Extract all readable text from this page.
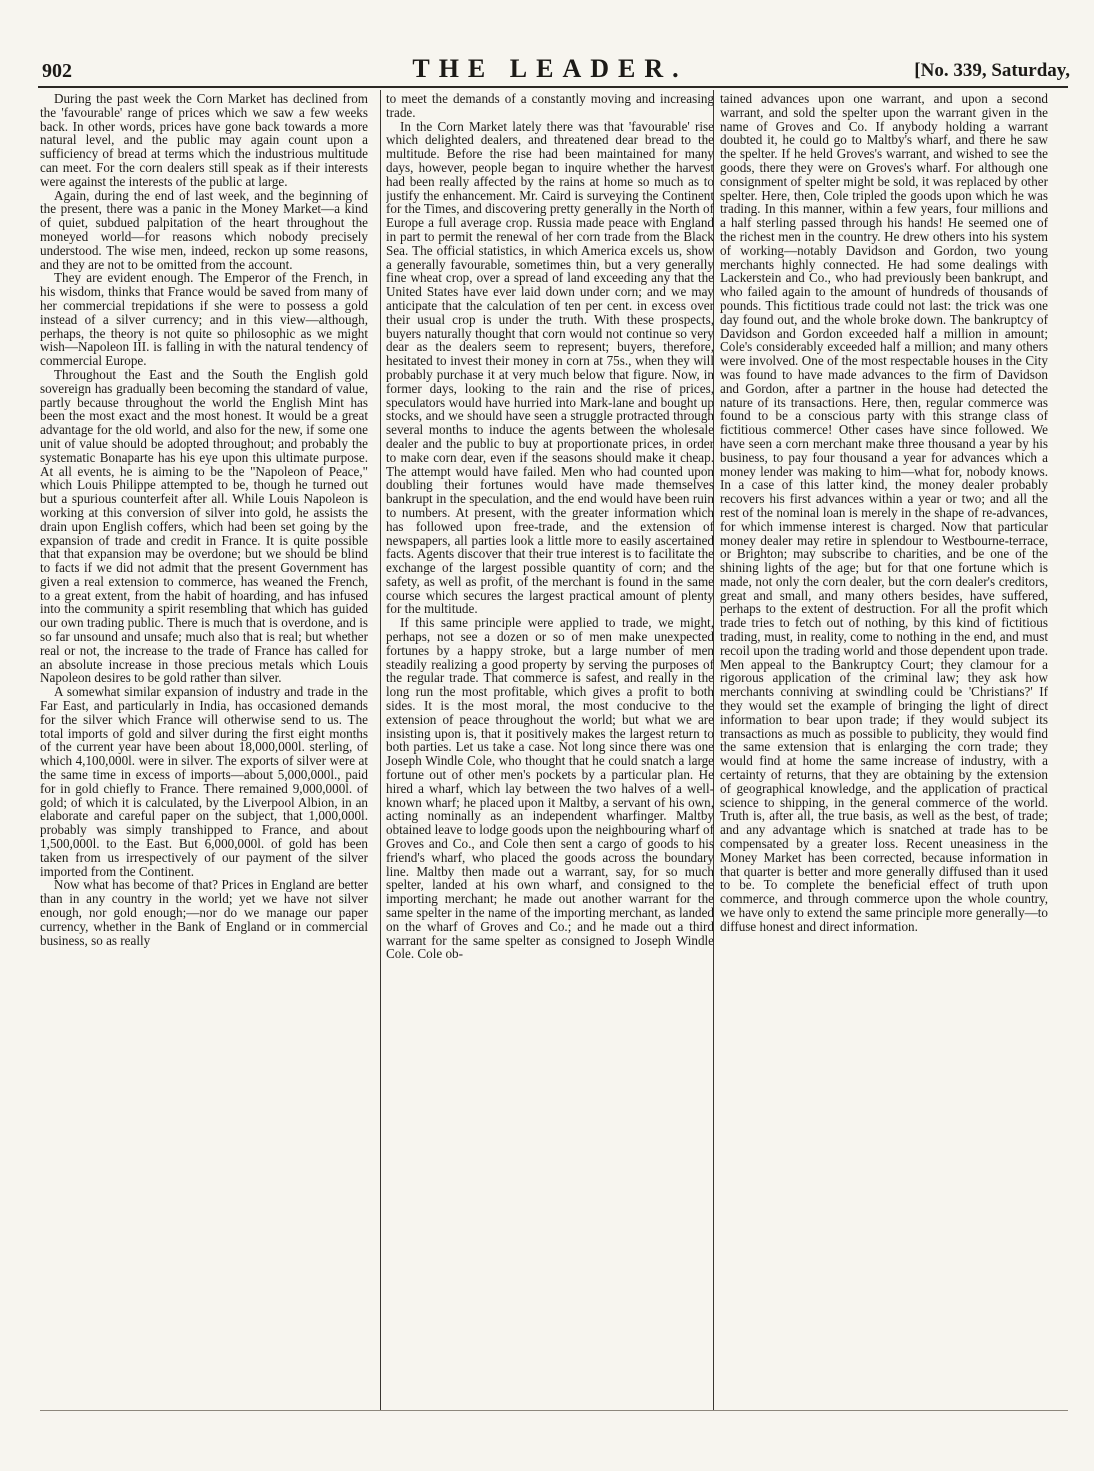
902	THE LEADER.	[No. 339, Saturday,

During the past week the Corn Market has declined from the 'favourable' range of prices which we saw a few weeks back. In other words, prices have gone back towards a more natural level, and the public may again count upon a sufficiency of bread at terms which the industrious multitude can meet. For the corn dealers still speak as if their interests were against the interests of the public at large.

Again, during the end of last week, and the beginning of the present, there was a panic in the Money Market—a kind of quiet, subdued palpitation of the heart throughout the moneyed world—for reasons which nobody precisely understood. The wise men, indeed, reckon up some reasons, and they are not to be omitted from the account.

They are evident enough. The Emperor of the French, in his wisdom, thinks that France would be saved from many of her commercial trepidations if she were to possess a gold instead of a silver currency; and in this view—although, perhaps, the theory is not quite so philosophic as we might wish—Napoleon III. is falling in with the natural tendency of commercial Europe.

Throughout the East and the South the English gold sovereign has gradually been becoming the standard of value, partly because throughout the world the English Mint has been the most exact and the most honest. It would be a great advantage for the old world, and also for the new, if some one unit of value should be adopted throughout; and probably the systematic Bonaparte has his eye upon this ultimate purpose. At all events, he is aiming to be the "Napoleon of Peace," which Louis Philippe attempted to be, though he turned out but a spurious counterfeit after all. While Louis Napoleon is working at this conversion of silver into gold, he assists the drain upon English coffers, which had been set going by the expansion of trade and credit in France. It is quite possible that that expansion may be overdone; but we should be blind to facts if we did not admit that the present Government has given a real extension to commerce, has weaned the French, to a great extent, from the habit of hoarding, and has infused into the community a spirit resembling that which has guided our own trading public. There is much that is overdone, and is so far unsound and unsafe; much also that is real; but whether real or not, the increase to the trade of France has called for an absolute increase in those precious metals which Louis Napoleon desires to be gold rather than silver.

A somewhat similar expansion of industry and trade in the Far East, and particularly in India, has occasioned demands for the silver which France will otherwise send to us. The total imports of gold and silver during the first eight months of the current year have been about 18,000,000l. sterling, of which 4,100,000l. were in silver. The exports of silver were at the same time in excess of imports—about 5,000,000l., paid for in gold chiefly to France. There remained 9,000,000l. of gold; of which it is calculated, by the Liverpool Albion, in an elaborate and careful paper on the subject, that 1,000,000l. probably was simply transhipped to France, and about 1,500,000l. to the East. But 6,000,000l. of gold has been taken from us irrespectively of our payment of the silver imported from the Continent.

Now what has become of that? Prices in England are better than in any country in the world; yet we have not silver enough, nor gold enough;—nor do we manage our paper currency, whether in the Bank of England or in commercial business, so as really

to meet the demands of a constantly moving and increasing trade.

In the Corn Market lately there was that 'favourable' rise which delighted dealers, and threatened dear bread to the multitude. Before the rise had been maintained for many days, however, people began to inquire whether the harvest had been really affected by the rains at home so much as to justify the enhancement. Mr. Caird is surveying the Continent for the Times, and discovering pretty generally in the North of Europe a full average crop. Russia made peace with England in part to permit the renewal of her corn trade from the Black Sea. The official statistics, in which America excels us, show a generally favourable, sometimes thin, but a very generally fine wheat crop, over a spread of land exceeding any that the United States have ever laid down under corn; and we may anticipate that the calculation of ten per cent. in excess over their usual crop is under the truth. With these prospects, buyers naturally thought that corn would not continue so very dear as the dealers seem to represent; buyers, therefore, hesitated to invest their money in corn at 75s., when they will probably purchase it at very much below that figure. Now, in former days, looking to the rain and the rise of prices, speculators would have hurried into Mark-lane and bought up stocks, and we should have seen a struggle protracted through several months to induce the agents between the wholesale dealer and the public to buy at proportionate prices, in order to make corn dear, even if the seasons should make it cheap. The attempt would have failed. Men who had counted upon doubling their fortunes would have made themselves bankrupt in the speculation, and the end would have been ruin to numbers. At present, with the greater information which has followed upon free-trade, and the extension of newspapers, all parties look a little more to easily ascertained facts. Agents discover that their true interest is to facilitate the exchange of the largest possible quantity of corn; and the safety, as well as profit, of the merchant is found in the same course which secures the largest practical amount of plenty for the multitude.

If this same principle were applied to trade, we might, perhaps, not see a dozen or so of men make unexpected fortunes by a happy stroke, but a large number of men steadily realizing a good property by serving the purposes of the regular trade. That commerce is safest, and really in the long run the most profitable, which gives a profit to both sides. It is the most moral, the most conducive to the extension of peace throughout the world; but what we are insisting upon is, that it positively makes the largest return to both parties. Let us take a case. Not long since there was one Joseph Windle Cole, who thought that he could snatch a large fortune out of other men's pockets by a particular plan. He hired a wharf, which lay between the two halves of a well-known wharf; he placed upon it Maltby, a servant of his own, acting nominally as an independent wharfinger. Maltby obtained leave to lodge goods upon the neighbouring wharf of Groves and Co., and Cole then sent a cargo of goods to his friend's wharf, who placed the goods across the boundary line. Maltby then made out a warrant, say, for so much spelter, landed at his own wharf, and consigned to the importing merchant; he made out another warrant for the same spelter in the name of the importing merchant, as landed on the wharf of Groves and Co.; and he made out a third warrant for the same spelter as consigned to Joseph Windle Cole. Cole ob-

tained advances upon one warrant, and upon a second warrant, and sold the spelter upon the warrant given in the name of Groves and Co. If anybody holding a warrant doubted it, he could go to Maltby's wharf, and there he saw the spelter. If he held Groves's warrant, and wished to see the goods, there they were on Groves's wharf. For although one consignment of spelter might be sold, it was replaced by other spelter. Here, then, Cole tripled the goods upon which he was trading. In this manner, within a few years, four millions and a half sterling passed through his hands! He seemed one of the richest men in the country. He drew others into his system of working—notably Davidson and Gordon, two young merchants highly connected. He had some dealings with Lackerstein and Co., who had previously been bankrupt, and who failed again to the amount of hundreds of thousands of pounds. This fictitious trade could not last: the trick was one day found out, and the whole broke down. The bankruptcy of Davidson and Gordon exceeded half a million in amount; Cole's considerably exceeded half a million; and many others were involved. One of the most respectable houses in the City was found to have made advances to the firm of Davidson and Gordon, after a partner in the house had detected the nature of its transactions. Here, then, regular commerce was found to be a conscious party with this strange class of fictitious commerce! Other cases have since followed. We have seen a corn merchant make three thousand a year by his business, to pay four thousand a year for advances which a money lender was making to him—what for, nobody knows. In a case of this latter kind, the money dealer probably recovers his first advances within a year or two; and all the rest of the nominal loan is merely in the shape of re-advances, for which immense interest is charged. Now that particular money dealer may retire in splendour to Westbourne-terrace, or Brighton; may subscribe to charities, and be one of the shining lights of the age; but for that one fortune which is made, not only the corn dealer, but the corn dealer's creditors, great and small, and many others besides, have suffered, perhaps to the extent of destruction. For all the profit which trade tries to fetch out of nothing, by this kind of fictitious trading, must, in reality, come to nothing in the end, and must recoil upon the trading world and those dependent upon trade. Men appeal to the Bankruptcy Court; they clamour for a rigorous application of the criminal law; they ask how merchants conniving at swindling could be 'Christians?' If they would set the example of bringing the light of direct information to bear upon trade; if they would subject its transactions as much as possible to publicity, they would find the same extension that is enlarging the corn trade; they would find at home the same increase of industry, with a certainty of returns, that they are obtaining by the extension of geographical knowledge, and the application of practical science to shipping, in the general commerce of the world. Truth is, after all, the true basis, as well as the best, of trade; and any advantage which is snatched at trade has to be compensated by a greater loss. Recent uneasiness in the Money Market has been corrected, because information in that quarter is better and more generally diffused than it used to be. To complete the beneficial effect of truth upon commerce, and through commerce upon the whole country, we have only to extend the same principle more generally—to diffuse honest and direct information.
